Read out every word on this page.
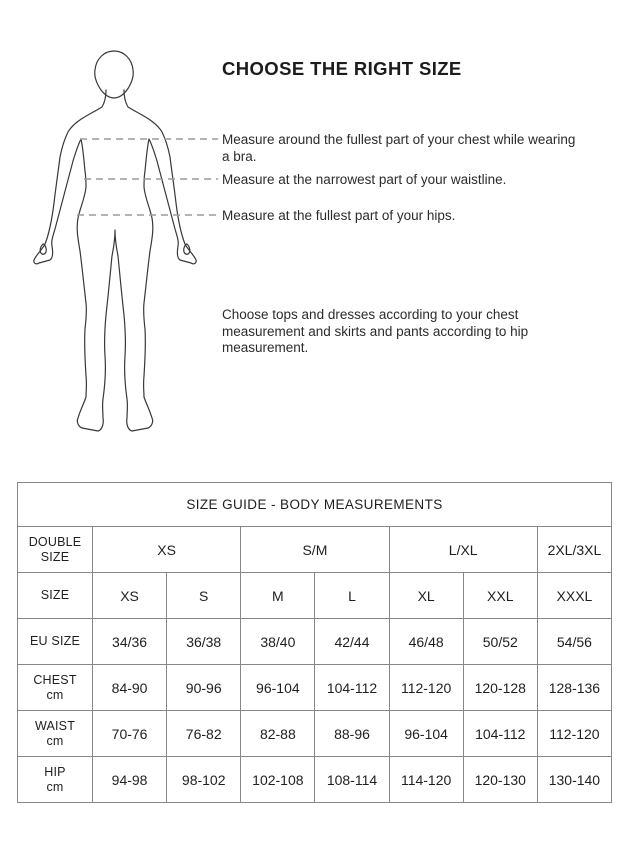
CHOOSE THE RIGHT SIZE

Measure around the fullest part of your chest while wearing a bra.

Measure at the narrowest part of your waistline.

Measure at the fullest part of your hips.

Choose tops and dresses according to your chest measurement and skirts and pants according to hip measurement.

SIZE GUIDE - BODY MEASUREMENTS							
DOUBLE SIZE	XS		S/M		L/XL		2XL/3XL
SIZE	XS	S	M	L	XL	XXL	XXXL
EU SIZE	34/36	36/38	38/40	42/44	46/48	50/52	54/56

CHEST
cm	84-90	90-96	96-104	104-112	112-120	120-128	128-136

WAIST
cm	70-76	76-82	82-88	88-96	96-104	104-112	112-120

HIP
cm	94-98	98-102	102-108	108-114	114-120	120-130	130-140
